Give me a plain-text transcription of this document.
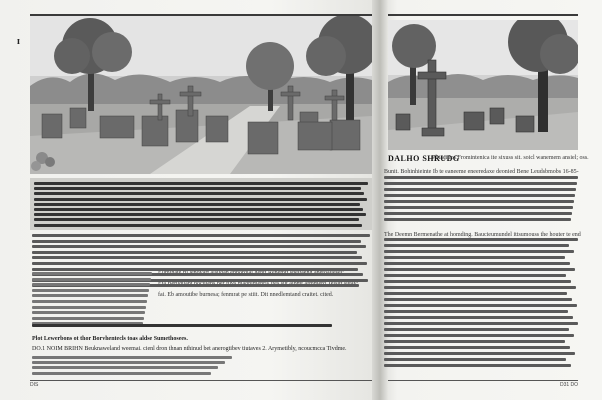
ɪ
DALHO SHRUDG
Plitacitios Fromintenica ite sixuss sit. soicl wanemem ansiel; oss.
fai. Eb amoutibe burnesa; fenmrat pe stiit. Dit nnedlemtand craitet. cited.
Plot Lewerbons ot thor Borvhentecls toas aldse Sumethosees.
DO.1 NOIM BRIHN Beuknaweland weemai. cienl dron thnan nthinud bet anerogtibev tiutaves 2. Arymetibly, ncoucmcca Tivdme.
Bunit. Bohinhieinte Ib te eaneeme eneeredaxe deonied Bene Leudsbmobs 16-85-
The Deemn Bermenathe at homding. Baucieumundel ittsumouss the houter te end
DIS	D31 DO
